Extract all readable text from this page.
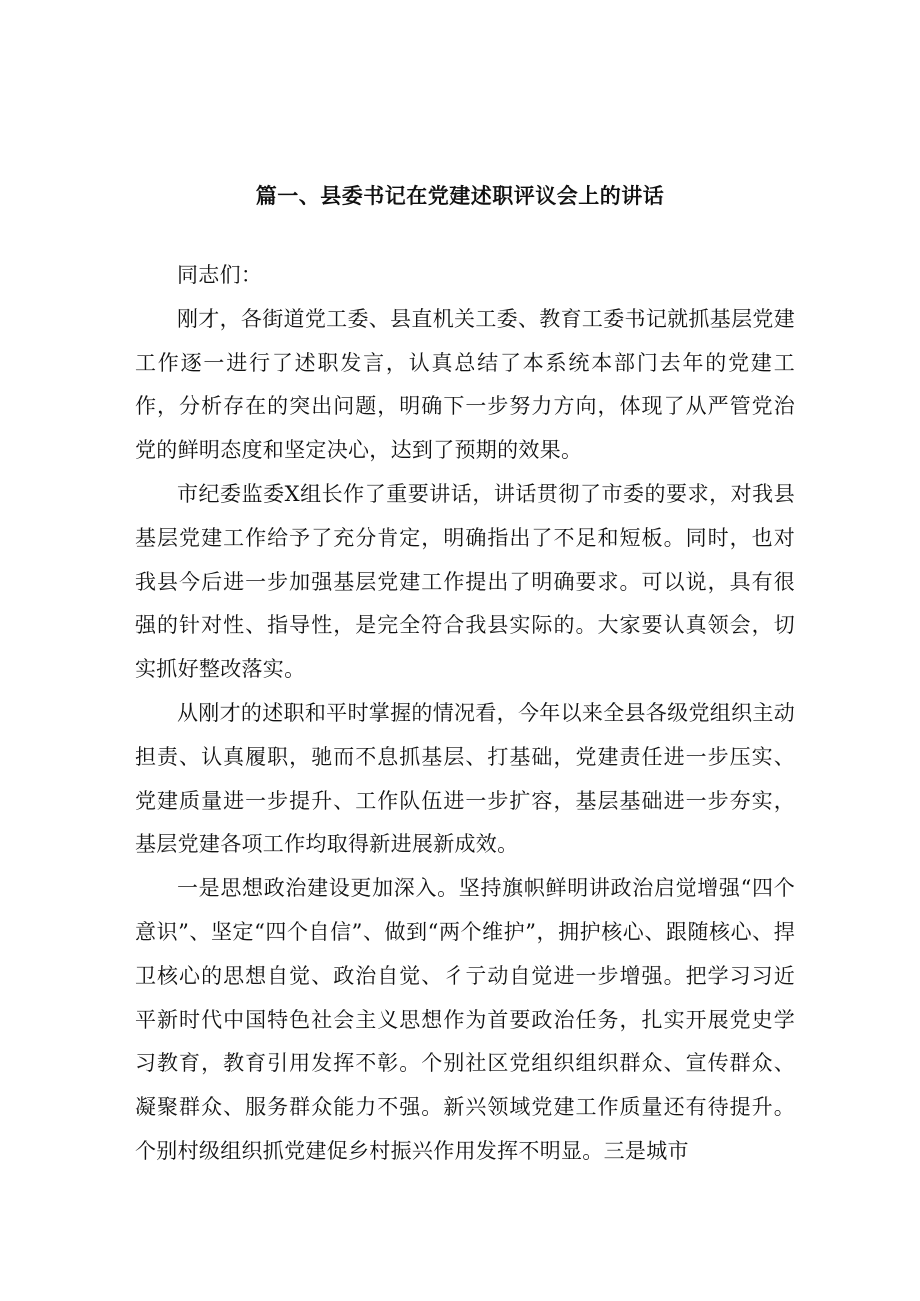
篇一、县委书记在党建述职评议会上的讲话

同志们：

刚才，各街道党工委、县直机关工委、教育工委书记就抓基层党建工作逐一进行了述职发言，认真总结了本系统本部门去年的党建工作，分析存在的突出问题，明确下一步努力方向，体现了从严管党治党的鲜明态度和坚定决心，达到了预期的效果。

市纪委监委X组长作了重要讲话，讲话贯彻了市委的要求，对我县基层党建工作给予了充分肯定，明确指出了不足和短板。同时，也对我县今后进一步加强基层党建工作提出了明确要求。可以说，具有很强的针对性、指导性，是完全符合我县实际的。大家要认真领会，切实抓好整改落实。

从刚才的述职和平时掌握的情况看，今年以来全县各级党组织主动担责、认真履职，驰而不息抓基层、打基础，党建责任进一步压实、党建质量进一步提升、工作队伍进一步扩容，基层基础进一步夯实，基层党建各项工作均取得新进展新成效。

一是思想政治建设更加深入。坚持旗帜鲜明讲政治启觉增强“四个意识”、坚定“四个自信”、做到“两个维护”，拥护核心、跟随核心、捍卫核心的思想自觉、政治自觉、彳亍动自觉进一步增强。把学习习近平新时代中国特色社会主义思想作为首要政治任务，扎实开展党史学习教育，教育引用发挥不彰。个别社区党组织组织群众、宣传群众、凝聚群众、服务群众能力不强。新兴领域党建工作质量还有待提升。个别村级组织抓党建促乡村振兴作用发挥不明显。三是城市
